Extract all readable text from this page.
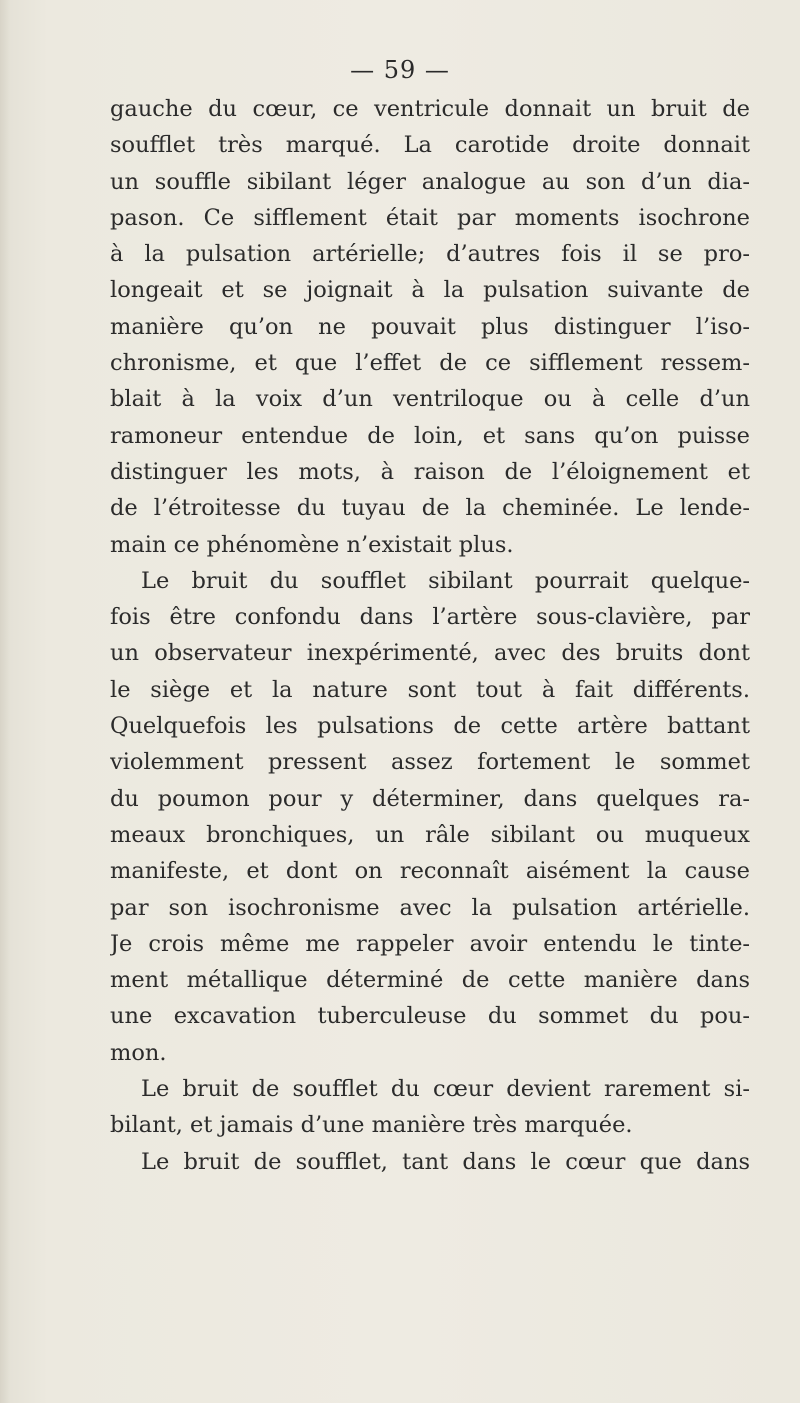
— 59 —
gauche du cœur, ce ventricule donnait un bruit de
soufflet très marqué. La carotide droite donnait
un souffle sibilant léger analogue au son d’un dia-
pason. Ce sifflement était par moments isochrone
à la pulsation artérielle; d’autres fois il se pro-
longeait et se joignait à la pulsation suivante de
manière qu’on ne pouvait plus distinguer l’iso-
chronisme, et que l’effet de ce sifflement ressem-
blait à la voix d’un ventriloque ou à celle d’un
ramoneur entendue de loin, et sans qu’on puisse
distinguer les mots, à raison de l’éloignement et
de l’étroitesse du tuyau de la cheminée. Le lende-
main ce phénomène n’existait plus.
Le bruit du soufflet sibilant pourrait quelque-
fois être confondu dans l’artère sous-clavière, par
un observateur inexpérimenté, avec des bruits dont
le siège et la nature sont tout à fait différents.
Quelquefois les pulsations de cette artère battant
violemment pressent assez fortement le sommet
du poumon pour y déterminer, dans quelques ra-
meaux bronchiques, un râle sibilant ou muqueux
manifeste, et dont on reconnaît aisément la cause
par son isochronisme avec la pulsation artérielle.
Je crois même me rappeler avoir entendu le tinte-
ment métallique déterminé de cette manière dans
une excavation tuberculeuse du sommet du pou-
mon.
Le bruit de soufflet du cœur devient rarement si-
bilant, et jamais d’une manière très marquée.
Le bruit de soufflet, tant dans le cœur que dans
